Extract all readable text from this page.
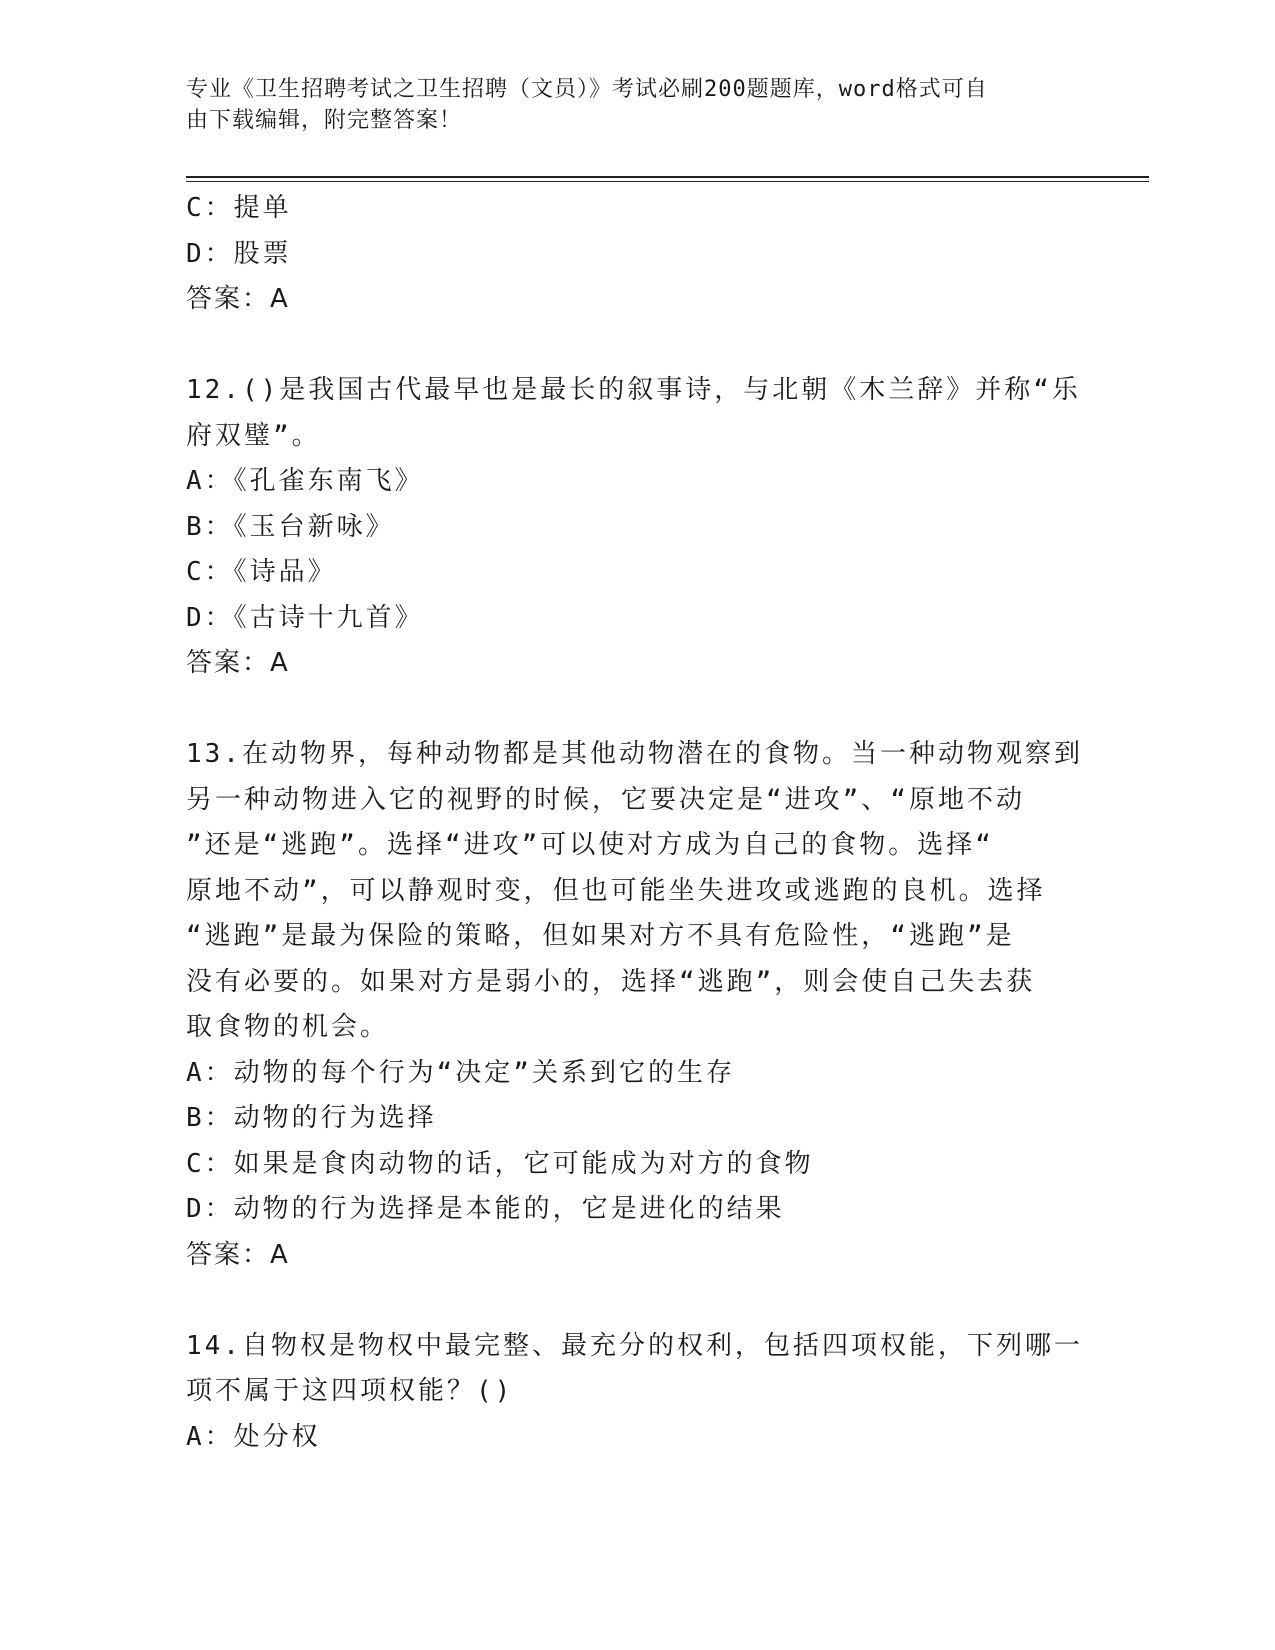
专业《卫生招聘考试之卫生招聘（文员）》考试必刷200题题库，word格式可自
由下载编辑，附完整答案！
C：提单
D：股票
答案：A
12.()是我国古代最早也是最长的叙事诗，与北朝《木兰辞》并称“乐
府双璧”。
A：《孔雀东南飞》
B：《玉台新咏》
C：《诗品》
D：《古诗十九首》
答案：A
13.在动物界，每种动物都是其他动物潜在的食物。当一种动物观察到
另一种动物进入它的视野的时候，它要决定是“进攻”、“原地不动
”还是“逃跑”。选择“进攻”可以使对方成为自己的食物。选择“
原地不动”，可以静观时变，但也可能坐失进攻或逃跑的良机。选择
“逃跑”是最为保险的策略，但如果对方不具有危险性，“逃跑”是
没有必要的。如果对方是弱小的，选择“逃跑”，则会使自己失去获
取食物的机会。
A：动物的每个行为“决定”关系到它的生存
B：动物的行为选择
C：如果是食肉动物的话，它可能成为对方的食物
D：动物的行为选择是本能的，它是进化的结果
答案：A
14.自物权是物权中最完整、最充分的权利，包括四项权能，下列哪一
项不属于这四项权能？()
A：处分权
